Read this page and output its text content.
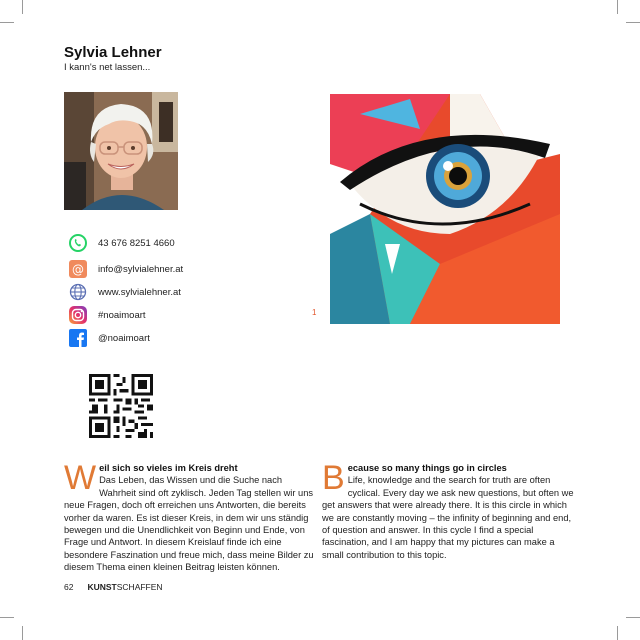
Sylvia Lehner
I kann's net lassen...
1
43 676 8251 4660
@ info@sylvialehner.at
www.sylvialehner.at
#noaimoart
@noaimoart
W eil sich so vieles im Kreis dreht
Das Leben, das Wissen und die Suche nach Wahrheit sind oft zyklisch. Jeden Tag stellen wir uns neue Fragen, doch oft erreichen uns Antworten, die bereits vorher da waren. Es ist dieser Kreis, in dem wir uns ständig bewegen und die Unendlichkeit von Beginn und Ende, von Frage und Antwort. In diesem Kreislauf finde ich eine besondere Faszination und freue mich, dass meine Bilder zu diesem Thema einen kleinen Beitrag leisten können.
B ecause so many things go in circles
Life, knowledge and the search for truth are often cyclical. Every day we ask new questions, but often we get answers that were already there. It is this circle in which we are constantly moving – the infinity of beginning and end, of question and answer. In this cycle I find a special fascination, and I am happy that my pictures can make a small contribution to this topic.
62 KUNSTSCHAFFEN
